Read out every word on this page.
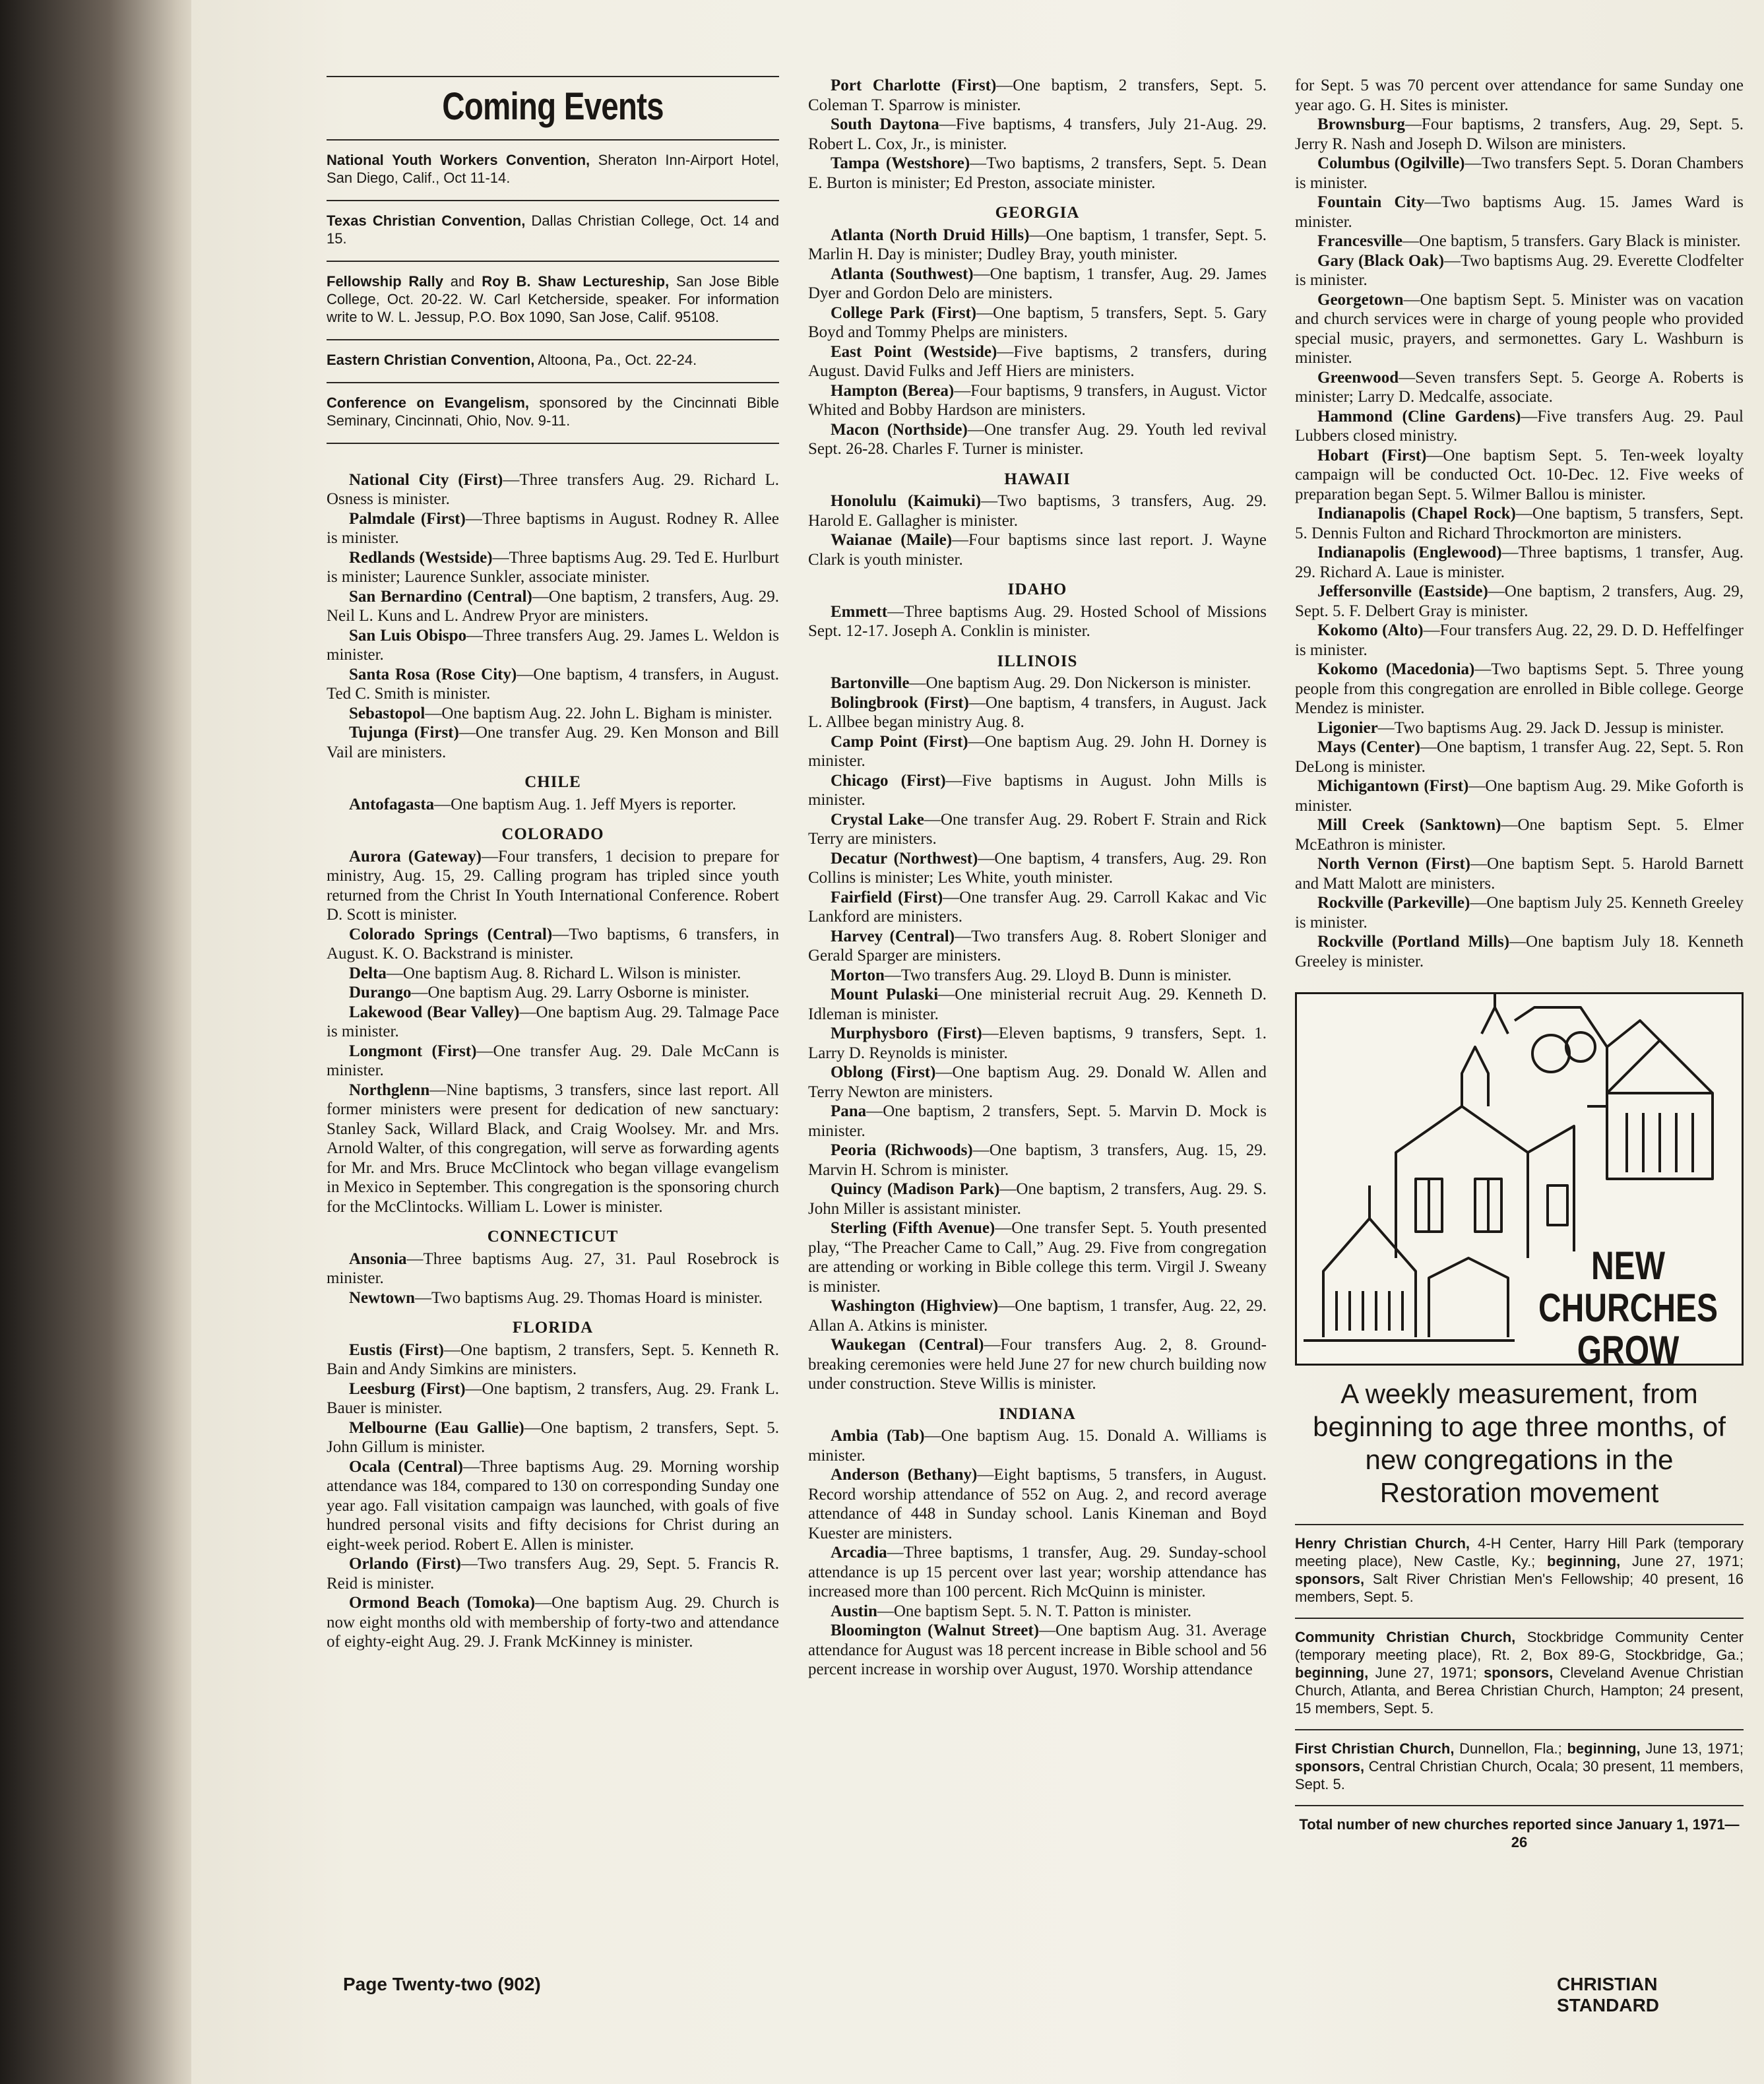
Coming Events
National Youth Workers Convention, Sheraton Inn-Airport Hotel, San Diego, Calif., Oct 11-14.
Texas Christian Convention, Dallas Christian College, Oct. 14 and 15.
Fellowship Rally and Roy B. Shaw Lectureship, San Jose Bible College, Oct. 20-22. W. Carl Ketcherside, speaker. For information write to W. L. Jessup, P.O. Box 1090, San Jose, Calif. 95108.
Eastern Christian Convention, Altoona, Pa., Oct. 22-24.
Conference on Evangelism, sponsored by the Cincinnati Bible Seminary, Cincinnati, Ohio, Nov. 9-11.

National City (First)—Three transfers Aug. 29. Richard L. Osness is minister.

Palmdale (First)—Three baptisms in August. Rodney R. Allee is minister.

Redlands (Westside)—Three baptisms Aug. 29. Ted E. Hurlburt is minister; Laurence Sunkler, associate minister.

San Bernardino (Central)—One baptism, 2 transfers, Aug. 29. Neil L. Kuns and L. Andrew Pryor are ministers.

San Luis Obispo—Three transfers Aug. 29. James L. Weldon is minister.

Santa Rosa (Rose City)—One baptism, 4 transfers, in August. Ted C. Smith is minister.

Sebastopol—One baptism Aug. 22. John L. Bigham is minister.

Tujunga (First)—One transfer Aug. 29. Ken Monson and Bill Vail are ministers.

CHILE

Antofagasta—One baptism Aug. 1. Jeff Myers is reporter.

COLORADO

Aurora (Gateway)—Four transfers, 1 decision to prepare for ministry, Aug. 15, 29. Calling program has tripled since youth returned from the Christ In Youth International Conference. Robert D. Scott is minister.

Colorado Springs (Central)—Two baptisms, 6 transfers, in August. K. O. Backstrand is minister.

Delta—One baptism Aug. 8. Richard L. Wilson is minister.

Durango—One baptism Aug. 29. Larry Osborne is minister.

Lakewood (Bear Valley)—One baptism Aug. 29. Talmage Pace is minister.

Longmont (First)—One transfer Aug. 29. Dale McCann is minister.

Northglenn—Nine baptisms, 3 transfers, since last report. All former ministers were present for dedication of new sanctuary: Stanley Sack, Willard Black, and Craig Woolsey. Mr. and Mrs. Arnold Walter, of this congregation, will serve as forwarding agents for Mr. and Mrs. Bruce McClintock who began village evangelism in Mexico in September. This congregation is the sponsoring church for the McClintocks. William L. Lower is minister.

CONNECTICUT

Ansonia—Three baptisms Aug. 27, 31. Paul Rosebrock is minister.

Newtown—Two baptisms Aug. 29. Thomas Hoard is minister.

FLORIDA

Eustis (First)—One baptism, 2 transfers, Sept. 5. Kenneth R. Bain and Andy Simkins are ministers.

Leesburg (First)—One baptism, 2 transfers, Aug. 29. Frank L. Bauer is minister.

Melbourne (Eau Gallie)—One baptism, 2 transfers, Sept. 5. John Gillum is minister.

Ocala (Central)—Three baptisms Aug. 29. Morning worship attendance was 184, compared to 130 on corresponding Sunday one year ago. Fall visitation campaign was launched, with goals of five hundred personal visits and fifty decisions for Christ during an eight-week period. Robert E. Allen is minister.

Orlando (First)—Two transfers Aug. 29, Sept. 5. Francis R. Reid is minister.

Ormond Beach (Tomoka)—One baptism Aug. 29. Church is now eight months old with membership of forty-two and attendance of eighty-eight Aug. 29. J. Frank McKinney is minister.

Port Charlotte (First)—One baptism, 2 transfers, Sept. 5. Coleman T. Sparrow is minister.

South Daytona—Five baptisms, 4 transfers, July 21-Aug. 29. Robert L. Cox, Jr., is minister.

Tampa (Westshore)—Two baptisms, 2 transfers, Sept. 5. Dean E. Burton is minister; Ed Preston, associate minister.

GEORGIA

Atlanta (North Druid Hills)—One baptism, 1 transfer, Sept. 5. Marlin H. Day is minister; Dudley Bray, youth minister.

Atlanta (Southwest)—One baptism, 1 transfer, Aug. 29. James Dyer and Gordon Delo are ministers.

College Park (First)—One baptism, 5 transfers, Sept. 5. Gary Boyd and Tommy Phelps are ministers.

East Point (Westside)—Five baptisms, 2 transfers, during August. David Fulks and Jeff Hiers are ministers.

Hampton (Berea)—Four baptisms, 9 transfers, in August. Victor Whited and Bobby Hardson are ministers.

Macon (Northside)—One transfer Aug. 29. Youth led revival Sept. 26-28. Charles F. Turner is minister.

HAWAII

Honolulu (Kaimuki)—Two baptisms, 3 transfers, Aug. 29. Harold E. Gallagher is minister.

Waianae (Maile)—Four baptisms since last report. J. Wayne Clark is youth minister.

IDAHO

Emmett—Three baptisms Aug. 29. Hosted School of Missions Sept. 12-17. Joseph A. Conklin is minister.

ILLINOIS

Bartonville—One baptism Aug. 29. Don Nickerson is minister.

Bolingbrook (First)—One baptism, 4 transfers, in August. Jack L. Allbee began ministry Aug. 8.

Camp Point (First)—One baptism Aug. 29. John H. Dorney is minister.

Chicago (First)—Five baptisms in August. John Mills is minister.

Crystal Lake—One transfer Aug. 29. Robert F. Strain and Rick Terry are ministers.

Decatur (Northwest)—One baptism, 4 transfers, Aug. 29. Ron Collins is minister; Les White, youth minister.

Fairfield (First)—One transfer Aug. 29. Carroll Kakac and Vic Lankford are ministers.

Harvey (Central)—Two transfers Aug. 8. Robert Sloniger and Gerald Sparger are ministers.

Morton—Two transfers Aug. 29. Lloyd B. Dunn is minister.

Mount Pulaski—One ministerial recruit Aug. 29. Kenneth D. Idleman is minister.

Murphysboro (First)—Eleven baptisms, 9 transfers, Sept. 1. Larry D. Reynolds is minister.

Oblong (First)—One baptism Aug. 29. Donald W. Allen and Terry Newton are ministers.

Pana—One baptism, 2 transfers, Sept. 5. Marvin D. Mock is minister.

Peoria (Richwoods)—One baptism, 3 transfers, Aug. 15, 29. Marvin H. Schrom is minister.

Quincy (Madison Park)—One baptism, 2 transfers, Aug. 29. S. John Miller is assistant minister.

Sterling (Fifth Avenue)—One transfer Sept. 5. Youth presented play, “The Preacher Came to Call,” Aug. 29. Five from congregation are attending or working in Bible college this term. Virgil J. Sweany is minister.

Washington (Highview)—One baptism, 1 transfer, Aug. 22, 29. Allan A. Atkins is minister.

Waukegan (Central)—Four transfers Aug. 2, 8. Ground-breaking ceremonies were held June 27 for new church building now under construction. Steve Willis is minister.

INDIANA

Ambia (Tab)—One baptism Aug. 15. Donald A. Williams is minister.

Anderson (Bethany)—Eight baptisms, 5 transfers, in August. Record worship attendance of 552 on Aug. 2, and record average attendance of 448 in Sunday school. Lanis Kineman and Boyd Kuester are ministers.

Arcadia—Three baptisms, 1 transfer, Aug. 29. Sunday-school attendance is up 15 percent over last year; worship attendance has increased more than 100 percent. Rich McQuinn is minister.

Austin—One baptism Sept. 5. N. T. Patton is minister.

Bloomington (Walnut Street)—One baptism Aug. 31. Average attendance for August was 18 percent increase in Bible school and 56 percent increase in worship over August, 1970. Worship attendance

for Sept. 5 was 70 percent over attendance for same Sunday one year ago. G. H. Sites is minister.

Brownsburg—Four baptisms, 2 transfers, Aug. 29, Sept. 5. Jerry R. Nash and Joseph D. Wilson are ministers.

Columbus (Ogilville)—Two transfers Sept. 5. Doran Chambers is minister.

Fountain City—Two baptisms Aug. 15. James Ward is minister.

Francesville—One baptism, 5 transfers. Gary Black is minister.

Gary (Black Oak)—Two baptisms Aug. 29. Everette Clodfelter is minister.

Georgetown—One baptism Sept. 5. Minister was on vacation and church services were in charge of young people who provided special music, prayers, and sermonettes. Gary L. Washburn is minister.

Greenwood—Seven transfers Sept. 5. George A. Roberts is minister; Larry D. Medcalfe, associate.

Hammond (Cline Gardens)—Five transfers Aug. 29. Paul Lubbers closed ministry.

Hobart (First)—One baptism Sept. 5. Ten-week loyalty campaign will be conducted Oct. 10-Dec. 12. Five weeks of preparation began Sept. 5. Wilmer Ballou is minister.

Indianapolis (Chapel Rock)—One baptism, 5 transfers, Sept. 5. Dennis Fulton and Richard Throckmorton are ministers.

Indianapolis (Englewood)—Three baptisms, 1 transfer, Aug. 29. Richard A. Laue is minister.

Jeffersonville (Eastside)—One baptism, 2 transfers, Aug. 29, Sept. 5. F. Delbert Gray is minister.

Kokomo (Alto)—Four transfers Aug. 22, 29. D. D. Heffelfinger is minister.

Kokomo (Macedonia)—Two baptisms Sept. 5. Three young people from this congregation are enrolled in Bible college. George Mendez is minister.

Ligonier—Two baptisms Aug. 29. Jack D. Jessup is minister.

Mays (Center)—One baptism, 1 transfer Aug. 22, Sept. 5. Ron DeLong is minister.

Michigantown (First)—One baptism Aug. 29. Mike Goforth is minister.

Mill Creek (Sanktown)—One baptism Sept. 5. Elmer McEathron is minister.

North Vernon (First)—One baptism Sept. 5. Harold Barnett and Matt Malott are ministers.

Rockville (Parkeville)—One baptism July 25. Kenneth Greeley is minister.

Rockville (Portland Mills)—One baptism July 18. Kenneth Greeley is minister.

NEW
CHURCHES
GROW
A weekly measurement, from beginning to age three months, of new congregations in the Restoration movement
Henry Christian Church, 4-H Center, Harry Hill Park (temporary meeting place), New Castle, Ky.; beginning, June 27, 1971; sponsors, Salt River Christian Men's Fellowship; 40 present, 16 members, Sept. 5.
Community Christian Church, Stockbridge Community Center (temporary meeting place), Rt. 2, Box 89-G, Stockbridge, Ga.; beginning, June 27, 1971; sponsors, Cleveland Avenue Christian Church, Atlanta, and Berea Christian Church, Hampton; 24 present, 15 members, Sept. 5.
First Christian Church, Dunnellon, Fla.; beginning, June 13, 1971; sponsors, Central Christian Church, Ocala; 30 present, 11 members, Sept. 5.
Total number of new churches reported since January 1, 1971—26
Page Twenty-two (902)	CHRISTIAN STANDARD
